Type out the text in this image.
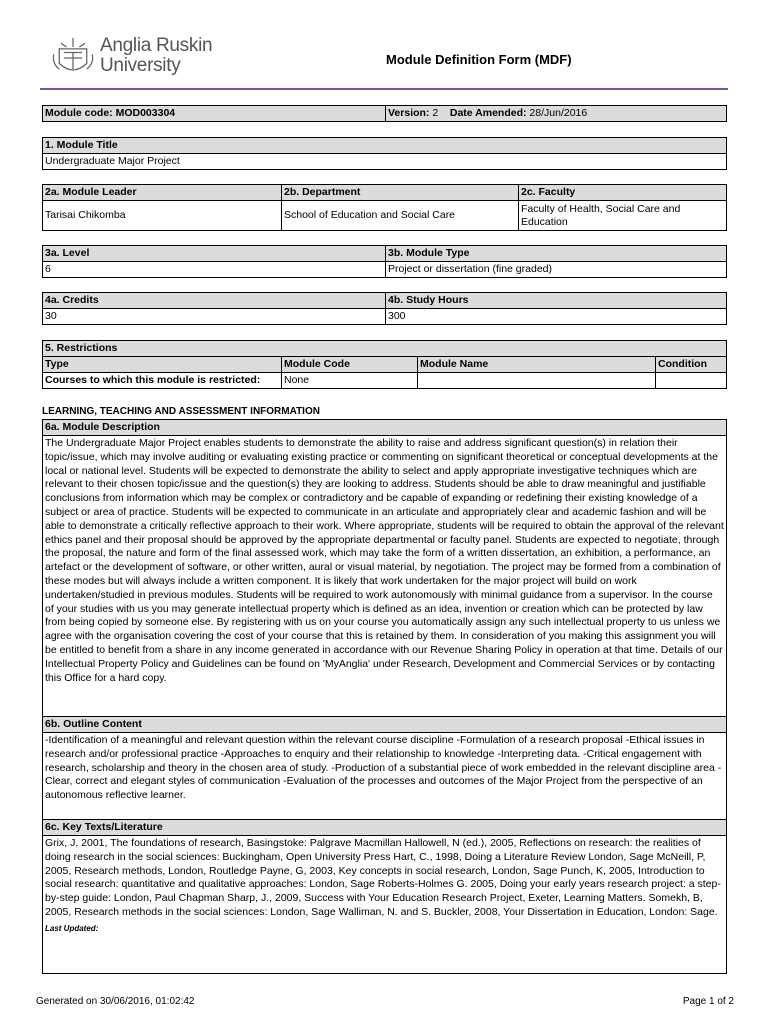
Anglia Ruskin
University	Module Definition Form (MDF)
Module code: MOD003304	Version: 2 Date Amended: 28/Jun/2016
1. Module Title
Undergraduate Major Project
2a. Module Leader	2b. Department	2c. Faculty
Tarisai Chikomba	School of Education and Social Care	Faculty of Health, Social Care and Education
3a. Level	3b. Module Type
6	Project or dissertation (fine graded)
4a. Credits	4b. Study Hours
30	300
5. Restrictions			
Type	Module Code	Module Name	Condition
Courses to which this module is restricted:	None		
LEARNING, TEACHING AND ASSESSMENT INFORMATION
6a. Module Description
The Undergraduate Major Project enables students to demonstrate the ability to raise and address significant question(s) in relation their topic/issue, which may involve auditing or evaluating existing practice or commenting on significant theoretical or conceptual developments at the local or national level. Students will be expected to demonstrate the ability to select and apply appropriate investigative techniques which are relevant to their chosen topic/issue and the question(s) they are looking to address. Students should be able to draw meaningful and justifiable conclusions from information which may be complex or contradictory and be capable of expanding or redefining their existing knowledge of a subject or area of practice. Students will be expected to communicate in an articulate and appropriately clear and academic fashion and will be able to demonstrate a critically reflective approach to their work. Where appropriate, students will be required to obtain the approval of the relevant ethics panel and their proposal should be approved by the appropriate departmental or faculty panel. Students are expected to negotiate, through the proposal, the nature and form of the final assessed work, which may take the form of a written dissertation, an exhibition, a performance, an artefact or the development of software, or other written, aural or visual material, by negotiation. The project may be formed from a combination of these modes but will always include a written component. It is likely that work undertaken for the major project will build on work undertaken/studied in previous modules. Students will be required to work autonomously with minimal guidance from a supervisor. In the course of your studies with us you may generate intellectual property which is defined as an idea, invention or creation which can be protected by law from being copied by someone else. By registering with us on your course you automatically assign any such intellectual property to us unless we agree with the organisation covering the cost of your course that this is retained by them. In consideration of you making this assignment you will be entitled to benefit from a share in any income generated in accordance with our Revenue Sharing Policy in operation at that time. Details of our Intellectual Property Policy and Guidelines can be found on 'MyAnglia' under Research, Development and Commercial Services or by contacting this Office for a hard copy.
6b. Outline Content
-Identification of a meaningful and relevant question within the relevant course discipline -Formulation of a research proposal -Ethical issues in research and/or professional practice -Approaches to enquiry and their relationship to knowledge -Interpreting data. -Critical engagement with research, scholarship and theory in the chosen area of study. -Production of a substantial piece of work embedded in the relevant discipline area -Clear, correct and elegant styles of communication -Evaluation of the processes and outcomes of the Major Project from the perspective of an autonomous reflective learner.
6c. Key Texts/Literature

Grix, J, 2001, The foundations of research, Basingstoke: Palgrave Macmillan Hallowell, N (ed.), 2005, Reflections on research: the realities of doing research in the social sciences: Buckingham, Open University Press Hart, C., 1998, Doing a Literature Review London, Sage McNeill, P, 2005, Research methods, London, Routledge Payne, G, 2003, Key concepts in social research, London, Sage Punch, K, 2005, Introduction to social research: quantitative and qualitative approaches: London, Sage Roberts-Holmes G. 2005, Doing your early years research project: a step-by-step guide: London, Paul Chapman Sharp, J., 2009, Success with Your Education Research Project, Exeter, Learning Matters. Somekh, B, 2005, Research methods in the social sciences: London, Sage Walliman, N. and S. Buckler, 2008, Your Dissertation in Education, London: Sage.
Last Updated:
Generated on 30/06/2016, 01:02:42	Page 1 of 2
